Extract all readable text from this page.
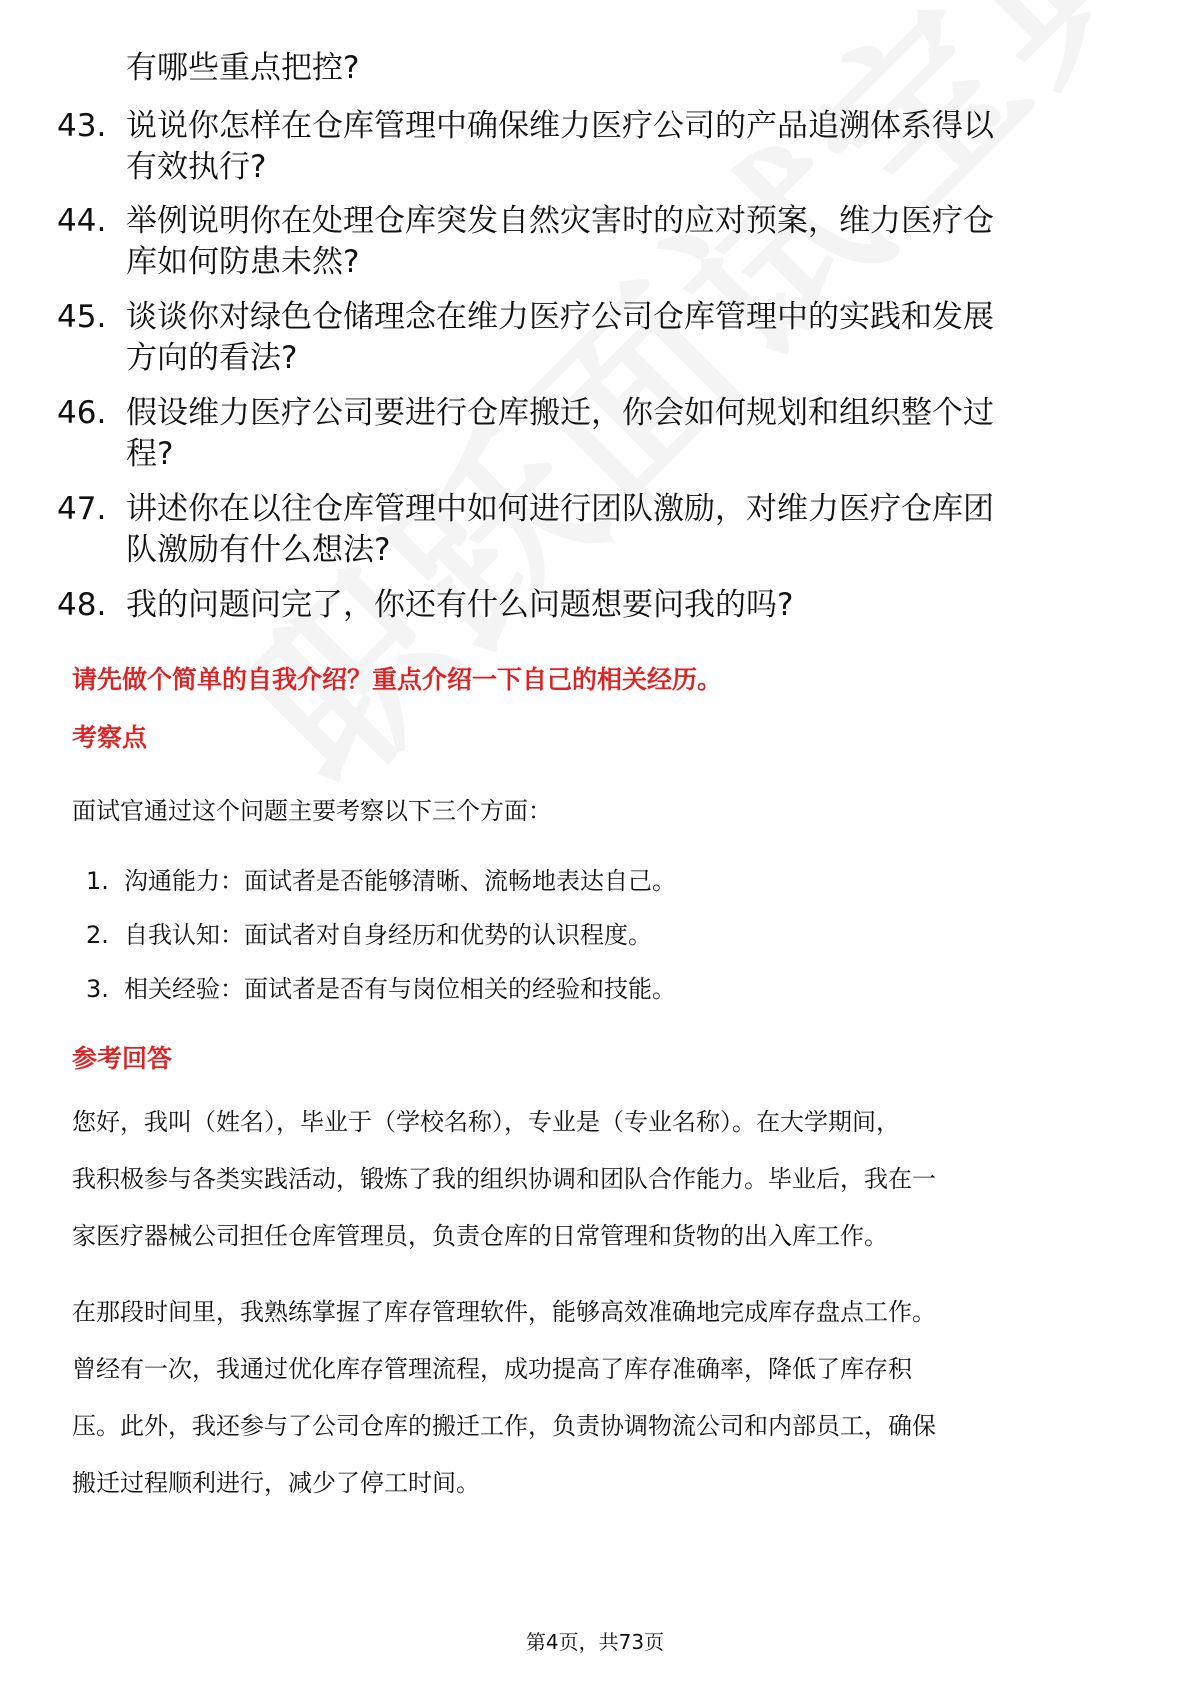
有哪些重点把控?
43. 说说你怎样在仓库管理中确保维力医疗公司的产品追溯体系得以
有效执行?
44. 举例说明你在处理仓库突发自然灾害时的应对预案，维力医疗仓
库如何防患未然?
45. 谈谈你对绿色仓储理念在维力医疗公司仓库管理中的实践和发展
方向的看法?
46. 假设维力医疗公司要进行仓库搬迁，你会如何规划和组织整个过
程?
47. 讲述你在以往仓库管理中如何进行团队激励，对维力医疗仓库团
队激励有什么想法?
48. 我的问题问完了，你还有什么问题想要问我的吗?
请先做个简单的自我介绍？重点介绍一下自己的相关经历。
考察点
面试官通过这个问题主要考察以下三个方面：
1. 沟通能力：面试者是否能够清晰、流畅地表达自己。
2. 自我认知：面试者对自身经历和优势的认识程度。
3. 相关经验：面试者是否有与岗位相关的经验和技能。
参考回答
您好，我叫（姓名），毕业于（学校名称），专业是（专业名称）。在大学期间，
我积极参与各类实践活动，锻炼了我的组织协调和团队合作能力。毕业后，我在一
家医疗器械公司担任仓库管理员，负责仓库的日常管理和货物的出入库工作。
在那段时间里，我熟练掌握了库存管理软件，能够高效准确地完成库存盘点工作。
曾经有一次，我通过优化库存管理流程，成功提高了库存准确率，降低了库存积
压。此外，我还参与了公司仓库的搬迁工作，负责协调物流公司和内部员工，确保
搬迁过程顺利进行，减少了停工时间。
第4页，共73页
